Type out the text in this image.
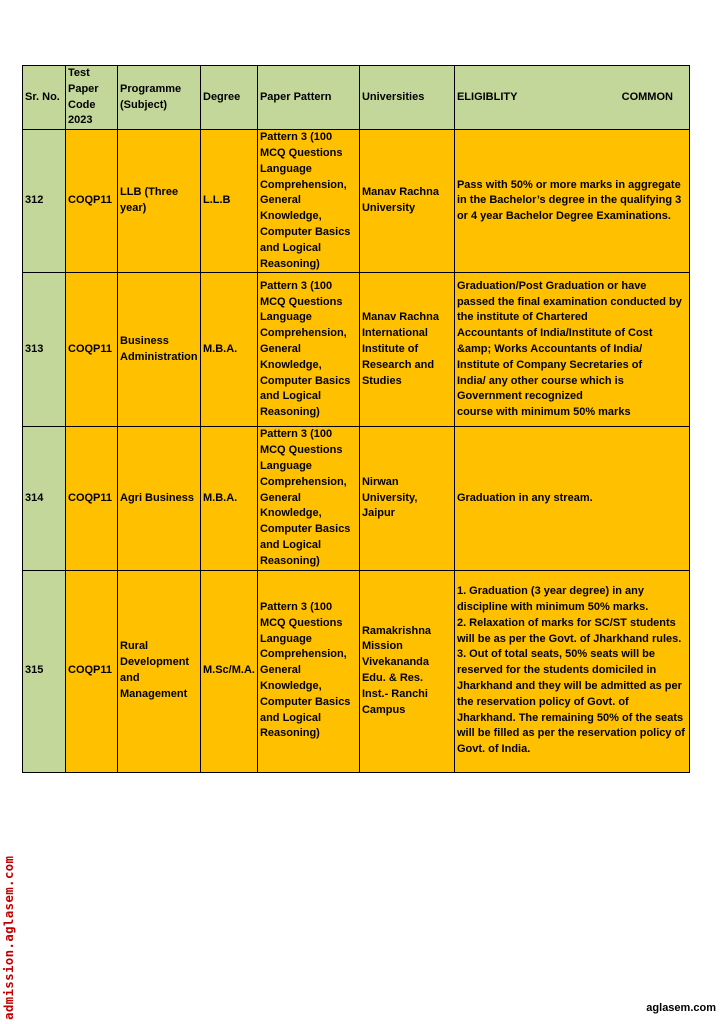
Sr. No.	Test
Paper
Code
2023	Programme
(Subject)	Degree	Paper Pattern	Universities	ELIGIBLITY COMMON

312	COQP11	LLB (Three year)	L.L.B	Pattern 3 (100 MCQ Questions Language Comprehension, General Knowledge, Computer Basics and Logical Reasoning)	Manav Rachna University	Pass with 50% or more marks in aggregate in the Bachelor’s degree in the qualifying 3 or 4 year Bachelor Degree Examinations.
313	COQP11	Business Administration	M.B.A.	Pattern 3 (100 MCQ Questions Language Comprehension, General Knowledge, Computer Basics and Logical Reasoning)	Manav Rachna International Institute of Research and Studies	Graduation/Post Graduation or have passed the final examination conducted by the institute of Chartered
Accountants of India/Institute of Cost &amp; Works Accountants of India/ Institute of Company Secretaries of
India/ any other course which is Government recognized
course with minimum 50% marks
314	COQP11	Agri Business	M.B.A.	Pattern 3 (100 MCQ Questions Language Comprehension, General Knowledge, Computer Basics and Logical Reasoning)	Nirwan University, Jaipur	Graduation in any stream.
315	COQP11	Rural Development and Management	M.Sc/M.A.	Pattern 3 (100 MCQ Questions Language Comprehension, General Knowledge, Computer Basics and Logical Reasoning)	Ramakrishna Mission Vivekananda Edu. & Res. Inst.- Ranchi Campus	1. Graduation (3 year degree) in any discipline with minimum 50% marks.
2. Relaxation of marks for SC/ST students will be as per the Govt. of Jharkhand rules.
3. Out of total seats, 50% seats will be reserved for the students domiciled in Jharkhand and they will be admitted as per the reservation policy of Govt. of Jharkhand. The remaining 50% of the seats will be filled as per the reservation policy of Govt. of India.
admission.aglasem.com	aglasem.com
